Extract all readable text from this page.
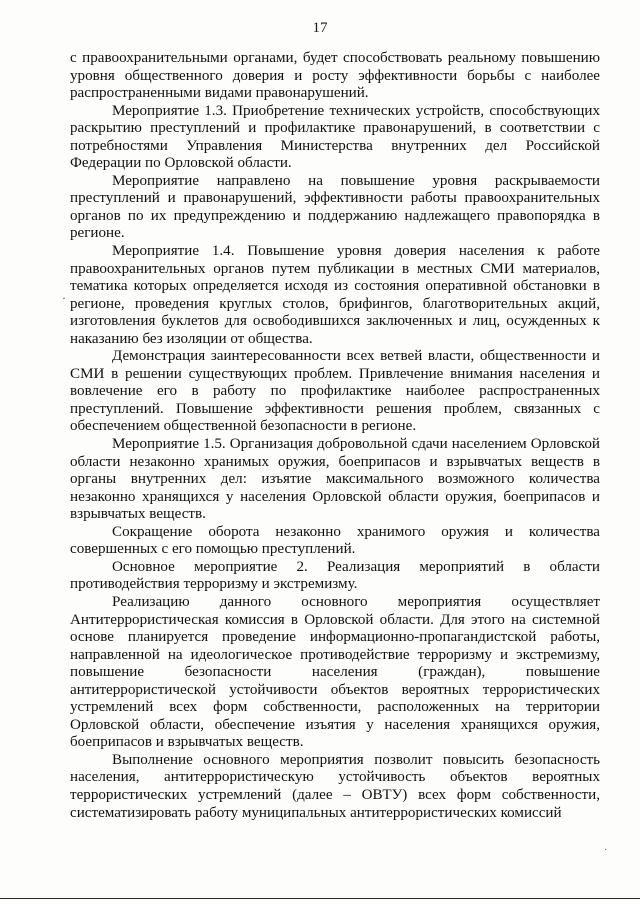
17

с правоохранительными органами, будет способствовать реальному повышению уровня общественного доверия и росту эффективности борьбы с наиболее распространенными видами правонарушений.

Мероприятие 1.3. Приобретение технических устройств, способствующих раскрытию преступлений и профилактике правонарушений, в соответствии с потребностями Управления Министерства внутренних дел Российской Федерации по Орловской области.

Мероприятие направлено на повышение уровня раскрываемости преступлений и правонарушений, эффективности работы правоохранительных органов по их предупреждению и поддержанию надлежащего правопорядка в регионе.

Мероприятие 1.4. Повышение уровня доверия населения к работе правоохранительных органов путем публикации в местных СМИ материалов, тематика которых определяется исходя из состояния оперативной обстановки в регионе, проведения круглых столов, брифингов, благотворительных акций, изготовления буклетов для освободившихся заключенных и лиц, осужденных к наказанию без изоляции от общества.

Демонстрация заинтересованности всех ветвей власти, общественности и СМИ в решении существующих проблем. Привлечение внимания населения и вовлечение его в работу по профилактике наиболее распространенных преступлений. Повышение эффективности решения проблем, связанных с обеспечением общественной безопасности в регионе.

Мероприятие 1.5. Организация добровольной сдачи населением Орловской области незаконно хранимых оружия, боеприпасов и взрывчатых веществ в органы внутренних дел: изъятие максимального возможного количества незаконно хранящихся у населения Орловской области оружия, боеприпасов и взрывчатых веществ.

Сокращение оборота незаконно хранимого оружия и количества совершенных с его помощью преступлений.

Основное мероприятие 2. Реализация мероприятий в области противодействия терроризму и экстремизму.

Реализацию данного основного мероприятия осуществляет Антитеррористическая комиссия в Орловской области. Для этого на системной основе планируется проведение информационно-пропагандистской работы, направленной на идеологическое противодействие терроризму и экстремизму, повышение безопасности населения (граждан), повышение антитеррористической устойчивости объектов вероятных террористических устремлений всех форм собственности, расположенных на территории Орловской области, обеспечение изъятия у населения хранящихся оружия, боеприпасов и взрывчатых веществ.

Выполнение основного мероприятия позволит повысить безопасность населения, антитеррористическую устойчивость объектов вероятных террористических устремлений (далее – ОВТУ) всех форм собственности, систематизировать работу муниципальных антитеррористических комиссий

·
·
